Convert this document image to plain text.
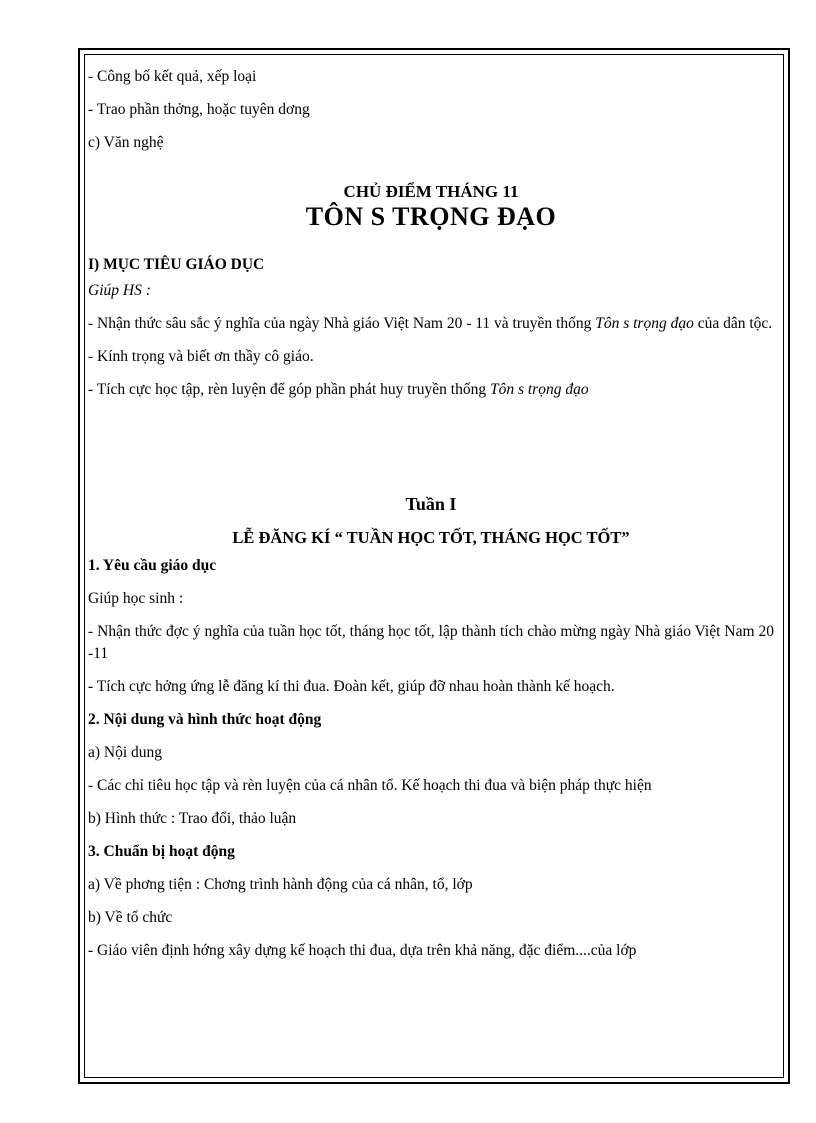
- Công bố kết quả, xếp loại

- Trao phần thởng, hoặc tuyên dơng

c) Văn nghệ

CHỦ ĐIỂM THÁNG 11

TÔN S TRỌNG ĐẠO

I) MỤC TIÊU GIÁO DỤC

Giúp HS :

- Nhận thức sâu sắc ý nghĩa của ngày Nhà giáo Việt Nam 20 - 11 và truyền thống Tôn s trọng đạo của dân tộc.

- Kính trọng và biết ơn thầy cô giáo.

- Tích cực học tập, rèn luyện để góp phần phát huy truyền thống Tôn s trọng đạo

Tuần I

LỄ ĐĂNG KÍ “ TUẦN HỌC TỐT, THÁNG HỌC TỐT”

1. Yêu cầu giáo dục

Giúp học sinh :

- Nhận thức đợc ý nghĩa của tuần học tốt, tháng học tốt, lập thành tích chào mừng ngày Nhà giáo Việt Nam 20 -11

- Tích cực hởng ứng lễ đăng kí thi đua. Đoàn kết, giúp đỡ nhau hoàn thành kế hoạch.

2. Nội dung và hình thức hoạt động

a) Nội dung

- Các chỉ tiêu học tập và rèn luyện của cá nhân tổ. Kế hoạch thi đua và biện pháp thực hiện

b) Hình thức : Trao đổi, thảo luận

3. Chuẩn bị hoạt động

a) Về phơng tiện : Chơng trình hành động của cá nhân, tổ, lớp

b) Về tổ chức

- Giáo viên định hớng xây dựng kế hoạch thi đua, dựa trên khả năng, đặc điểm....của lớp
